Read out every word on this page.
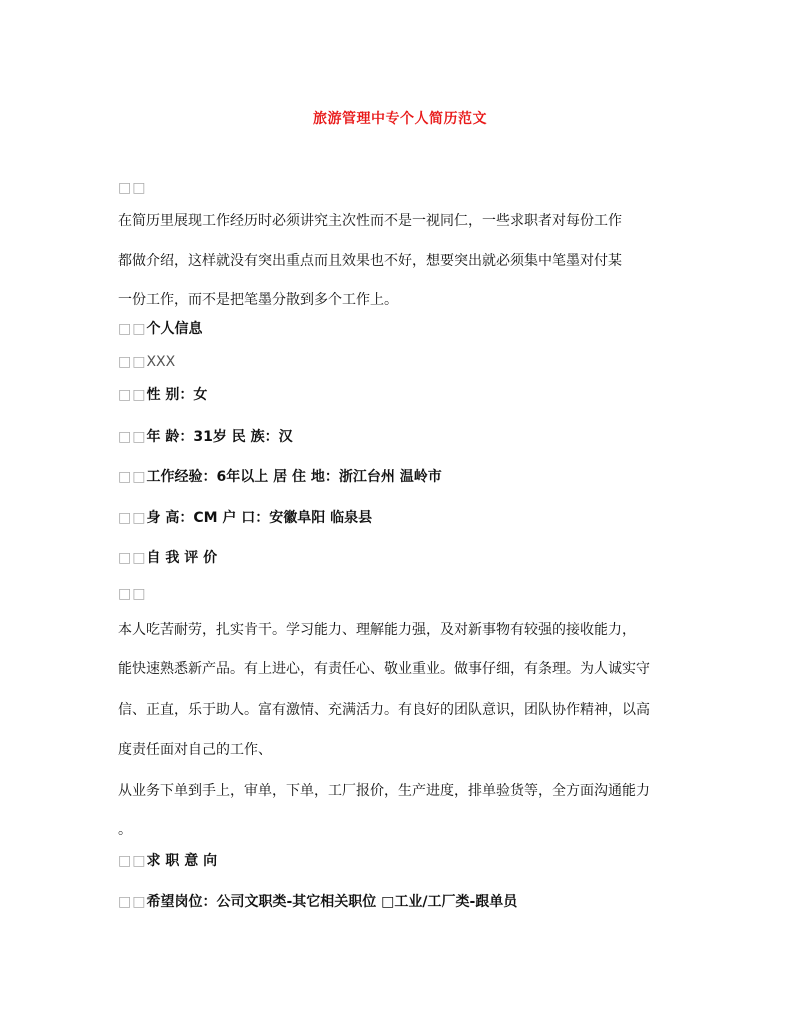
旅游管理中专个人简历范文
□□
在简历里展现工作经历时必须讲究主次性而不是一视同仁，一些求职者对每份工作
都做介绍，这样就没有突出重点而且效果也不好，想要突出就必须集中笔墨对付某
一份工作，而不是把笔墨分散到多个工作上。
□□个人信息
□□XXX
□□性 别：女
□□年 龄：31岁 民 族：汉
□□工作经验：6年以上 居 住 地：浙江台州 温岭市
□□身 高：CM 户 口：安徽阜阳 临泉县
□□自 我 评 价
□□
本人吃苦耐劳，扎实肯干。学习能力、理解能力强，及对新事物有较强的接收能力，
能快速熟悉新产品。有上进心，有责任心、敬业重业。做事仔细，有条理。为人诚实守
信、正直，乐于助人。富有激情、充满活力。有良好的团队意识，团队协作精神，以高
度责任面对自己的工作、
从业务下单到手上，审单，下单，工厂报价，生产进度，排单验货等，全方面沟通能力
。
□□求 职 意 向
□□希望岗位：公司文职类-其它相关职位 □工业/工厂类-跟单员
